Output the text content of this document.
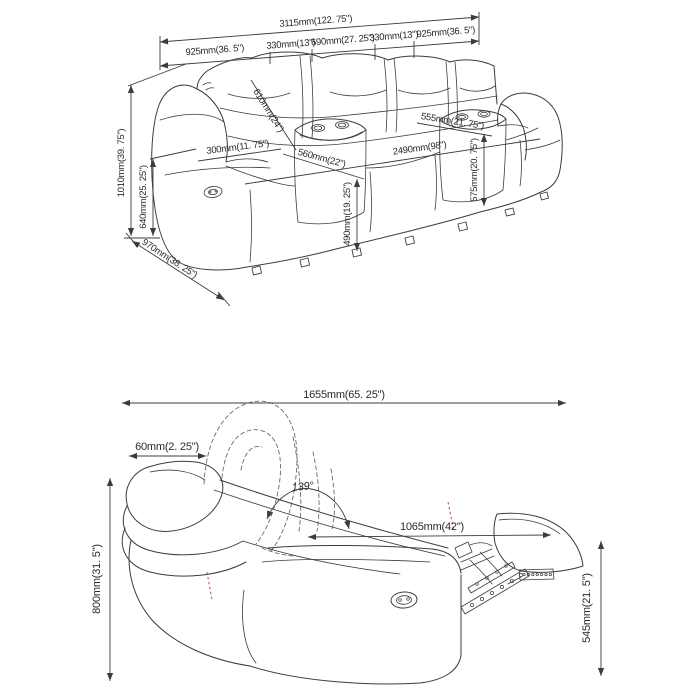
3115mm(122. 75")
925mm(36. 5") 330mm(13")
690mm(27. 25")
330mm(13")
925mm(36. 5")
1010mm(39. 75") 640mm(25. 25")
970mm(38. 25")
300mm(11. 75")
610mm(24")
560mm(22")
555mm(21. 75")
2490mm(98") 575mm(20. 75")
490mm(19. 25")
1655mm(65. 25")
60mm(2. 25")
139°
1065mm(42")
800mm(31. 5")	545mm(21. 5")
